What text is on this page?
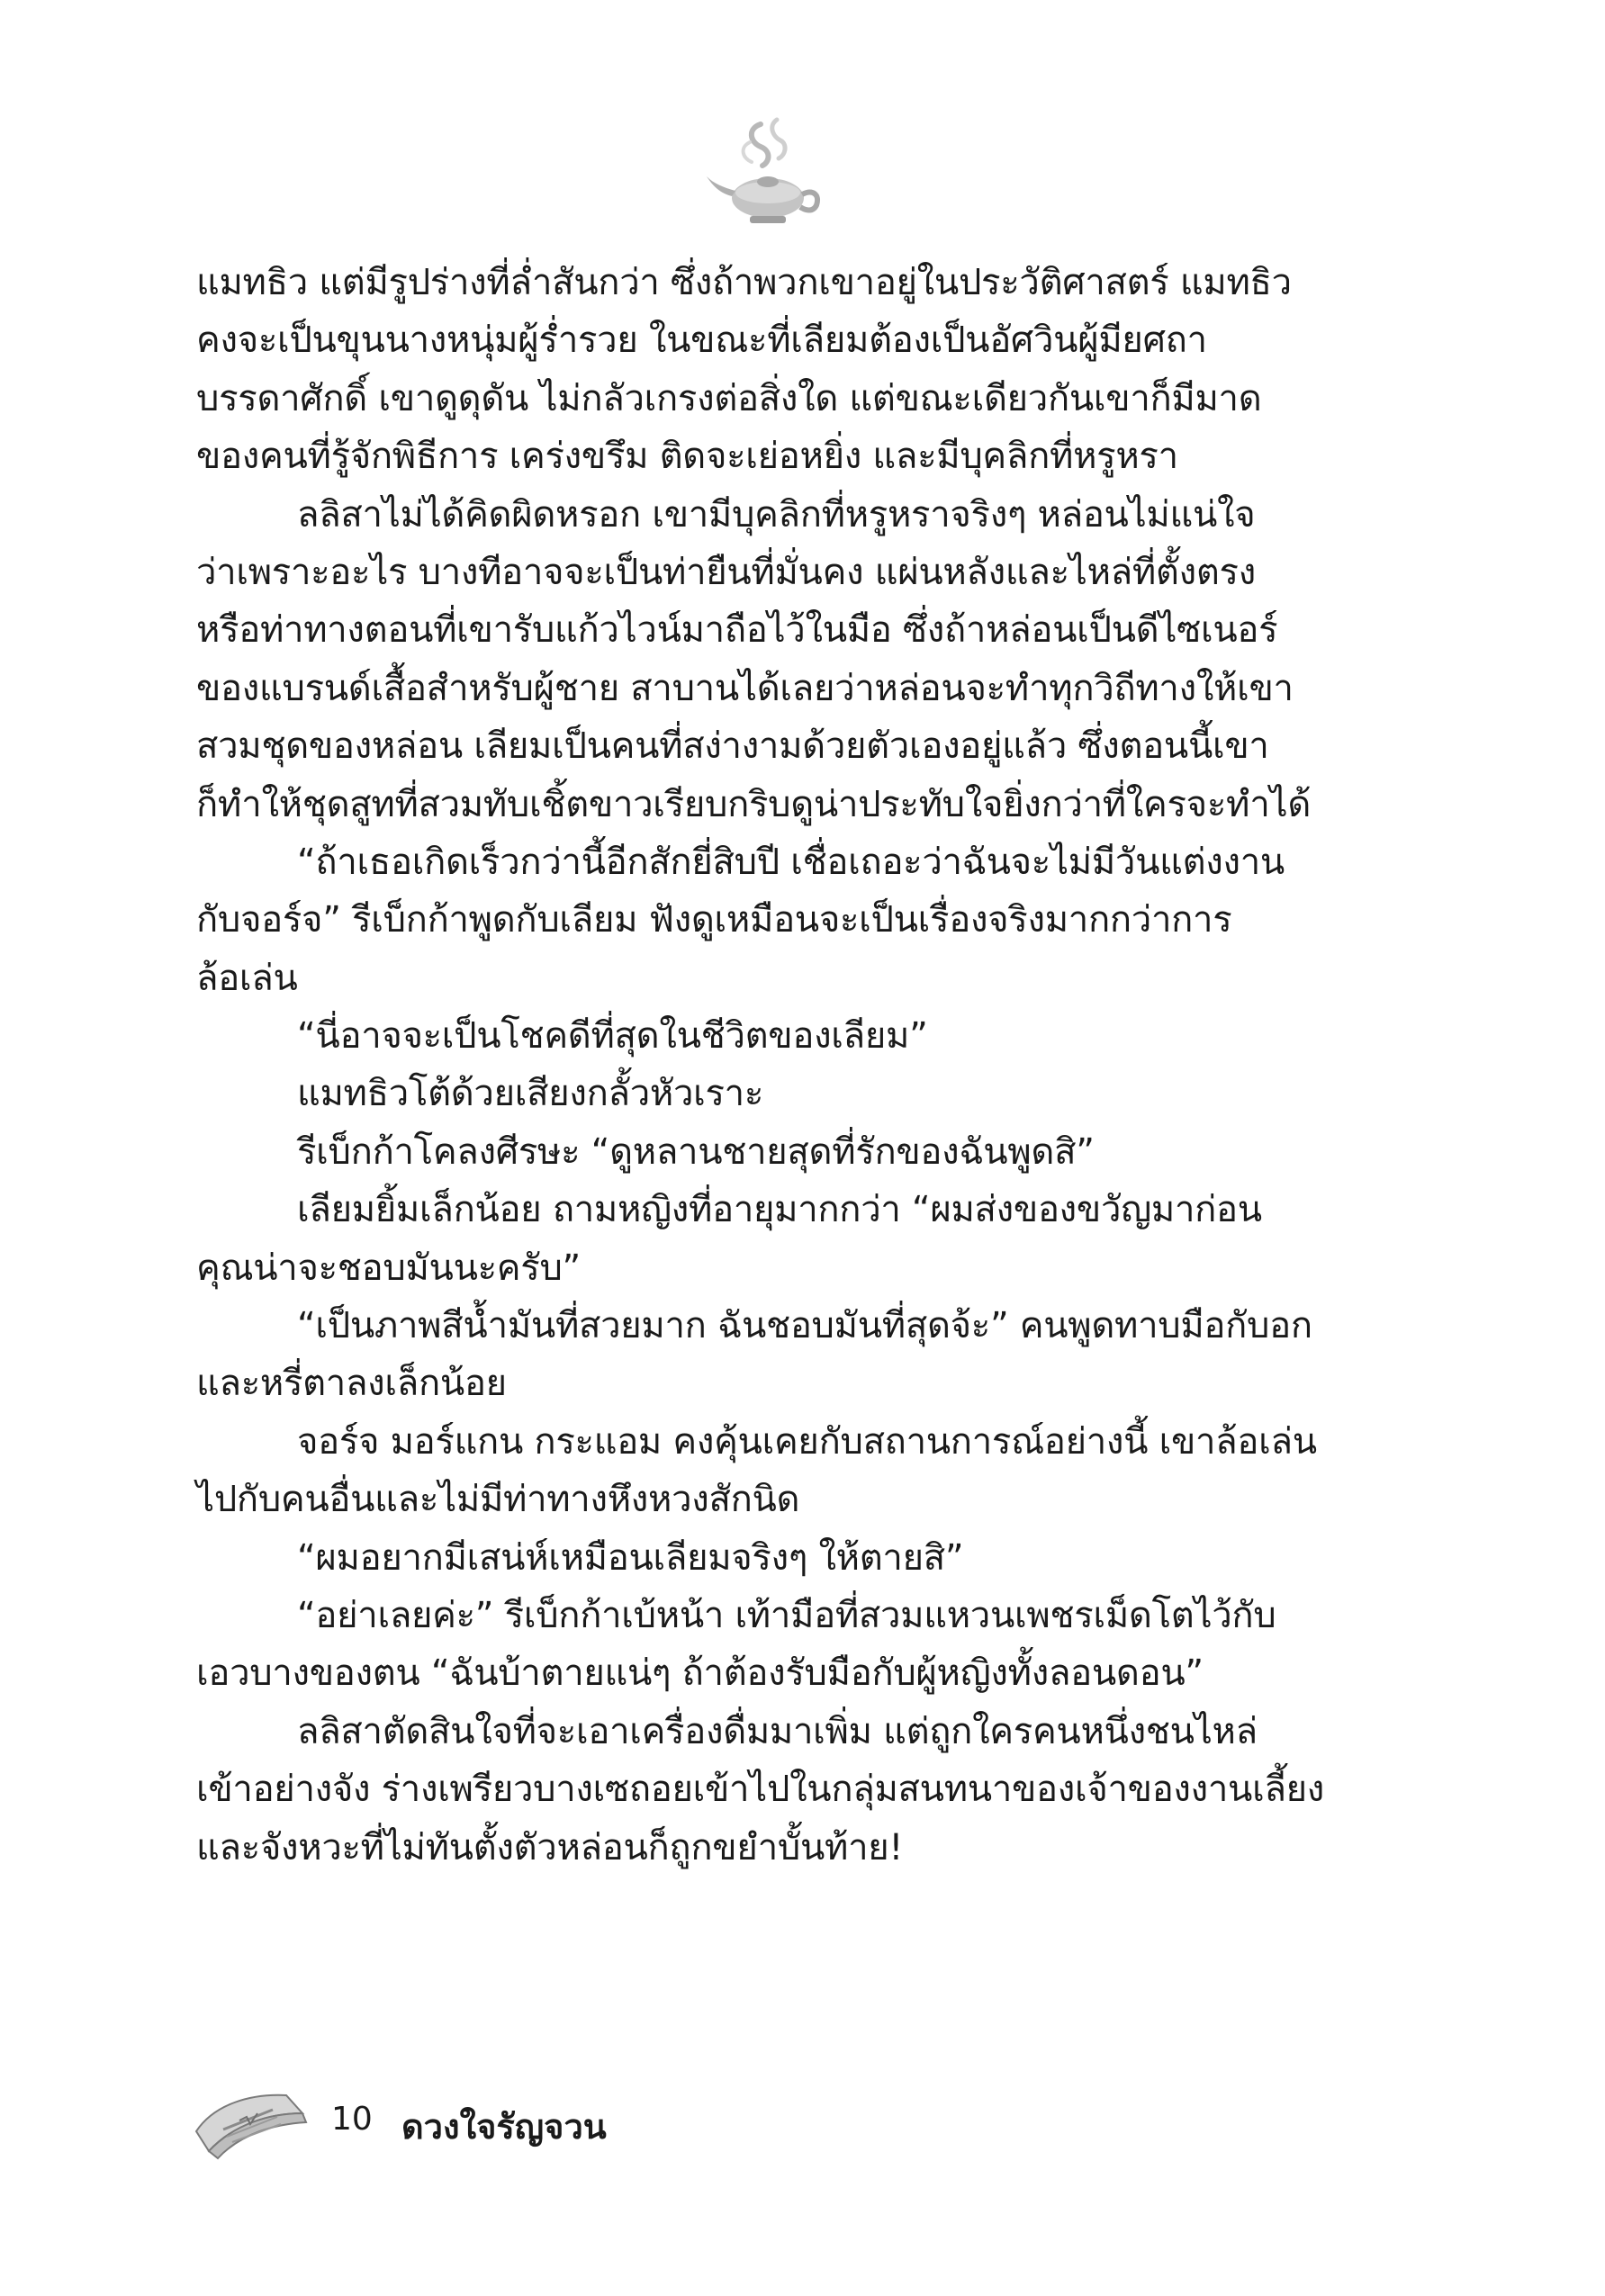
แมทธิว แต่มีรูปร่างที่ล่ำสันกว่า ซึ่งถ้าพวกเขาอยู่ในประวัติศาสตร์ แมทธิว
คงจะเป็นขุนนางหนุ่มผู้ร่ำรวย ในขณะที่เลียมต้องเป็นอัศวินผู้มียศถา
บรรดาศักดิ์ เขาดูดุดัน ไม่กลัวเกรงต่อสิ่งใด แต่ขณะเดียวกันเขาก็มีมาด
ของคนที่รู้จักพิธีการ เคร่งขรึม ติดจะเย่อหยิ่ง และมีบุคลิกที่หรูหรา
ลลิสาไม่ได้คิดผิดหรอก เขามีบุคลิกที่หรูหราจริงๆ หล่อนไม่แน่ใจ
ว่าเพราะอะไร บางทีอาจจะเป็นท่ายืนที่มั่นคง แผ่นหลังและไหล่ที่ตั้งตรง
หรือท่าทางตอนที่เขารับแก้วไวน์มาถือไว้ในมือ ซึ่งถ้าหล่อนเป็นดีไซเนอร์
ของแบรนด์เสื้อสำหรับผู้ชาย สาบานได้เลยว่าหล่อนจะทำทุกวิถีทางให้เขา
สวมชุดของหล่อน เลียมเป็นคนที่สง่างามด้วยตัวเองอยู่แล้ว ซึ่งตอนนี้เขา
ก็ทำให้ชุดสูทที่สวมทับเชิ้ตขาวเรียบกริบดูน่าประทับใจยิ่งกว่าที่ใครจะทำได้
“ถ้าเธอเกิดเร็วกว่านี้อีกสักยี่สิบปี เชื่อเถอะว่าฉันจะไม่มีวันแต่งงาน
กับจอร์จ” รีเบ็กก้าพูดกับเลียม ฟังดูเหมือนจะเป็นเรื่องจริงมากกว่าการ
ล้อเล่น
“นี่อาจจะเป็นโชคดีที่สุดในชีวิตของเลียม”
แมทธิวโต้ด้วยเสียงกลั้วหัวเราะ
รีเบ็กก้าโคลงศีรษะ “ดูหลานชายสุดที่รักของฉันพูดสิ”
เลียมยิ้มเล็กน้อย ถามหญิงที่อายุมากกว่า “ผมส่งของขวัญมาก่อน
คุณน่าจะชอบมันนะครับ”
“เป็นภาพสีน้ำมันที่สวยมาก ฉันชอบมันที่สุดจ้ะ” คนพูดทาบมือกับอก
และหรี่ตาลงเล็กน้อย
จอร์จ มอร์แกน กระแอม คงคุ้นเคยกับสถานการณ์อย่างนี้ เขาล้อเล่น
ไปกับคนอื่นและไม่มีท่าทางหึงหวงสักนิด
“ผมอยากมีเสน่ห์เหมือนเลียมจริงๆ ให้ตายสิ”
“อย่าเลยค่ะ” รีเบ็กก้าเบ้หน้า เท้ามือที่สวมแหวนเพชรเม็ดโตไว้กับ
เอวบางของตน “ฉันบ้าตายแน่ๆ ถ้าต้องรับมือกับผู้หญิงทั้งลอนดอน”
ลลิสาตัดสินใจที่จะเอาเครื่องดื่มมาเพิ่ม แต่ถูกใครคนหนึ่งชนไหล่
เข้าอย่างจัง ร่างเพรียวบางเซถอยเข้าไปในกลุ่มสนทนาของเจ้าของงานเลี้ยง
และจังหวะที่ไม่ทันตั้งตัวหล่อนก็ถูกขยำบั้นท้าย!
10 ดวงใจรัญจวน
